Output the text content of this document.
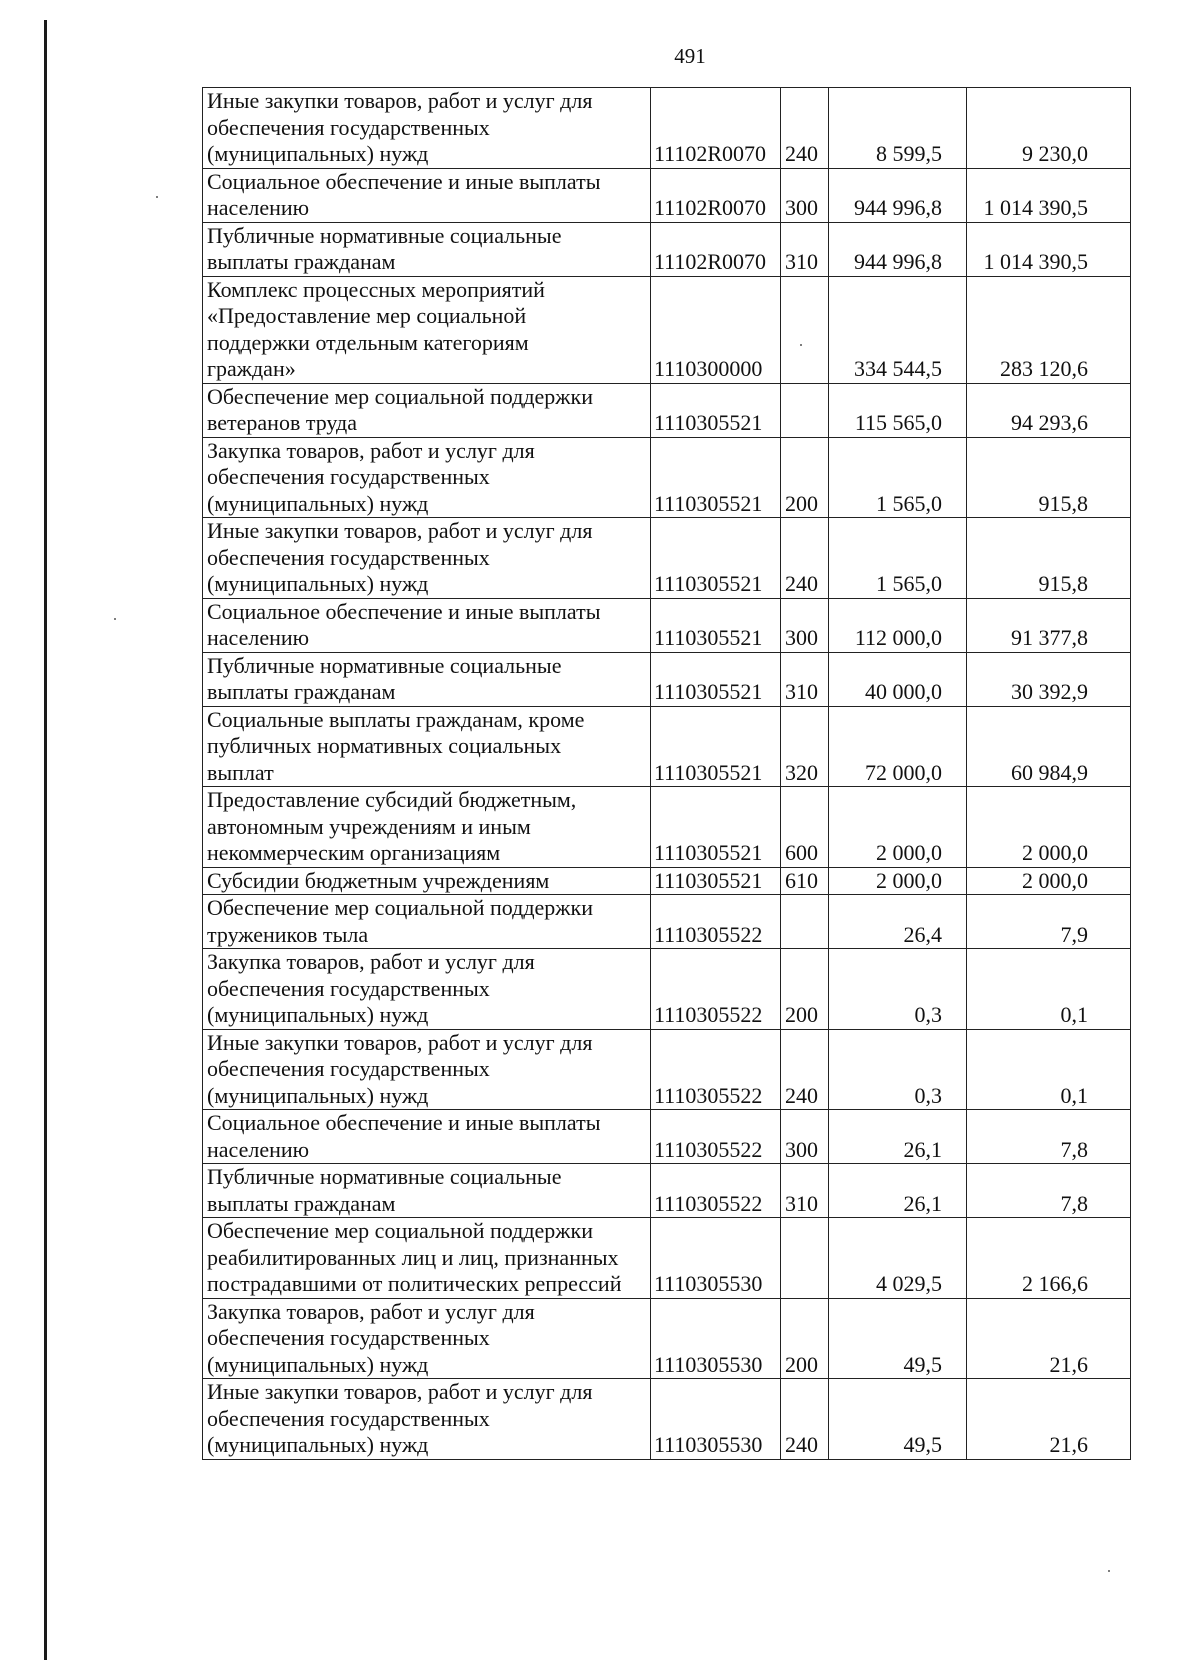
491
Иные закупки товаров, работ и услуг для
обеспечения государственных
(муниципальных) нужд	11102R0070	240	8 599,5	9 230,0
Социальное обеспечение и иные выплаты
населению	11102R0070	300	944 996,8	1 014 390,5
Публичные нормативные социальные
выплаты гражданам	11102R0070	310	944 996,8	1 014 390,5
Комплекс процессных мероприятий
«Предоставление мер социальной
поддержки отдельным категориям
граждан»	1110300000		334 544,5	283 120,6
Обеспечение мер социальной поддержки
ветеранов труда	1110305521		115 565,0	94 293,6
Закупка товаров, работ и услуг для
обеспечения государственных
(муниципальных) нужд	1110305521	200	1 565,0	915,8
Иные закупки товаров, работ и услуг для
обеспечения государственных
(муниципальных) нужд	1110305521	240	1 565,0	915,8
Социальное обеспечение и иные выплаты
населению	1110305521	300	112 000,0	91 377,8
Публичные нормативные социальные
выплаты гражданам	1110305521	310	40 000,0	30 392,9
Социальные выплаты гражданам, кроме
публичных нормативных социальных
выплат	1110305521	320	72 000,0	60 984,9
Предоставление субсидий бюджетным,
автономным учреждениям и иным
некоммерческим организациям	1110305521	600	2 000,0	2 000,0
Субсидии бюджетным учреждениям	1110305521	610	2 000,0	2 000,0
Обеспечение мер социальной поддержки
тружеников тыла	1110305522		26,4	7,9
Закупка товаров, работ и услуг для
обеспечения государственных
(муниципальных) нужд	1110305522	200	0,3	0,1
Иные закупки товаров, работ и услуг для
обеспечения государственных
(муниципальных) нужд	1110305522	240	0,3	0,1
Социальное обеспечение и иные выплаты
населению	1110305522	300	26,1	7,8
Публичные нормативные социальные
выплаты гражданам	1110305522	310	26,1	7,8
Обеспечение мер социальной поддержки
реабилитированных лиц и лиц, признанных
пострадавшими от политических репрессий	1110305530		4 029,5	2 166,6
Закупка товаров, работ и услуг для
обеспечения государственных
(муниципальных) нужд	1110305530	200	49,5	21,6
Иные закупки товаров, работ и услуг для
обеспечения государственных
(муниципальных) нужд	1110305530	240	49,5	21,6
